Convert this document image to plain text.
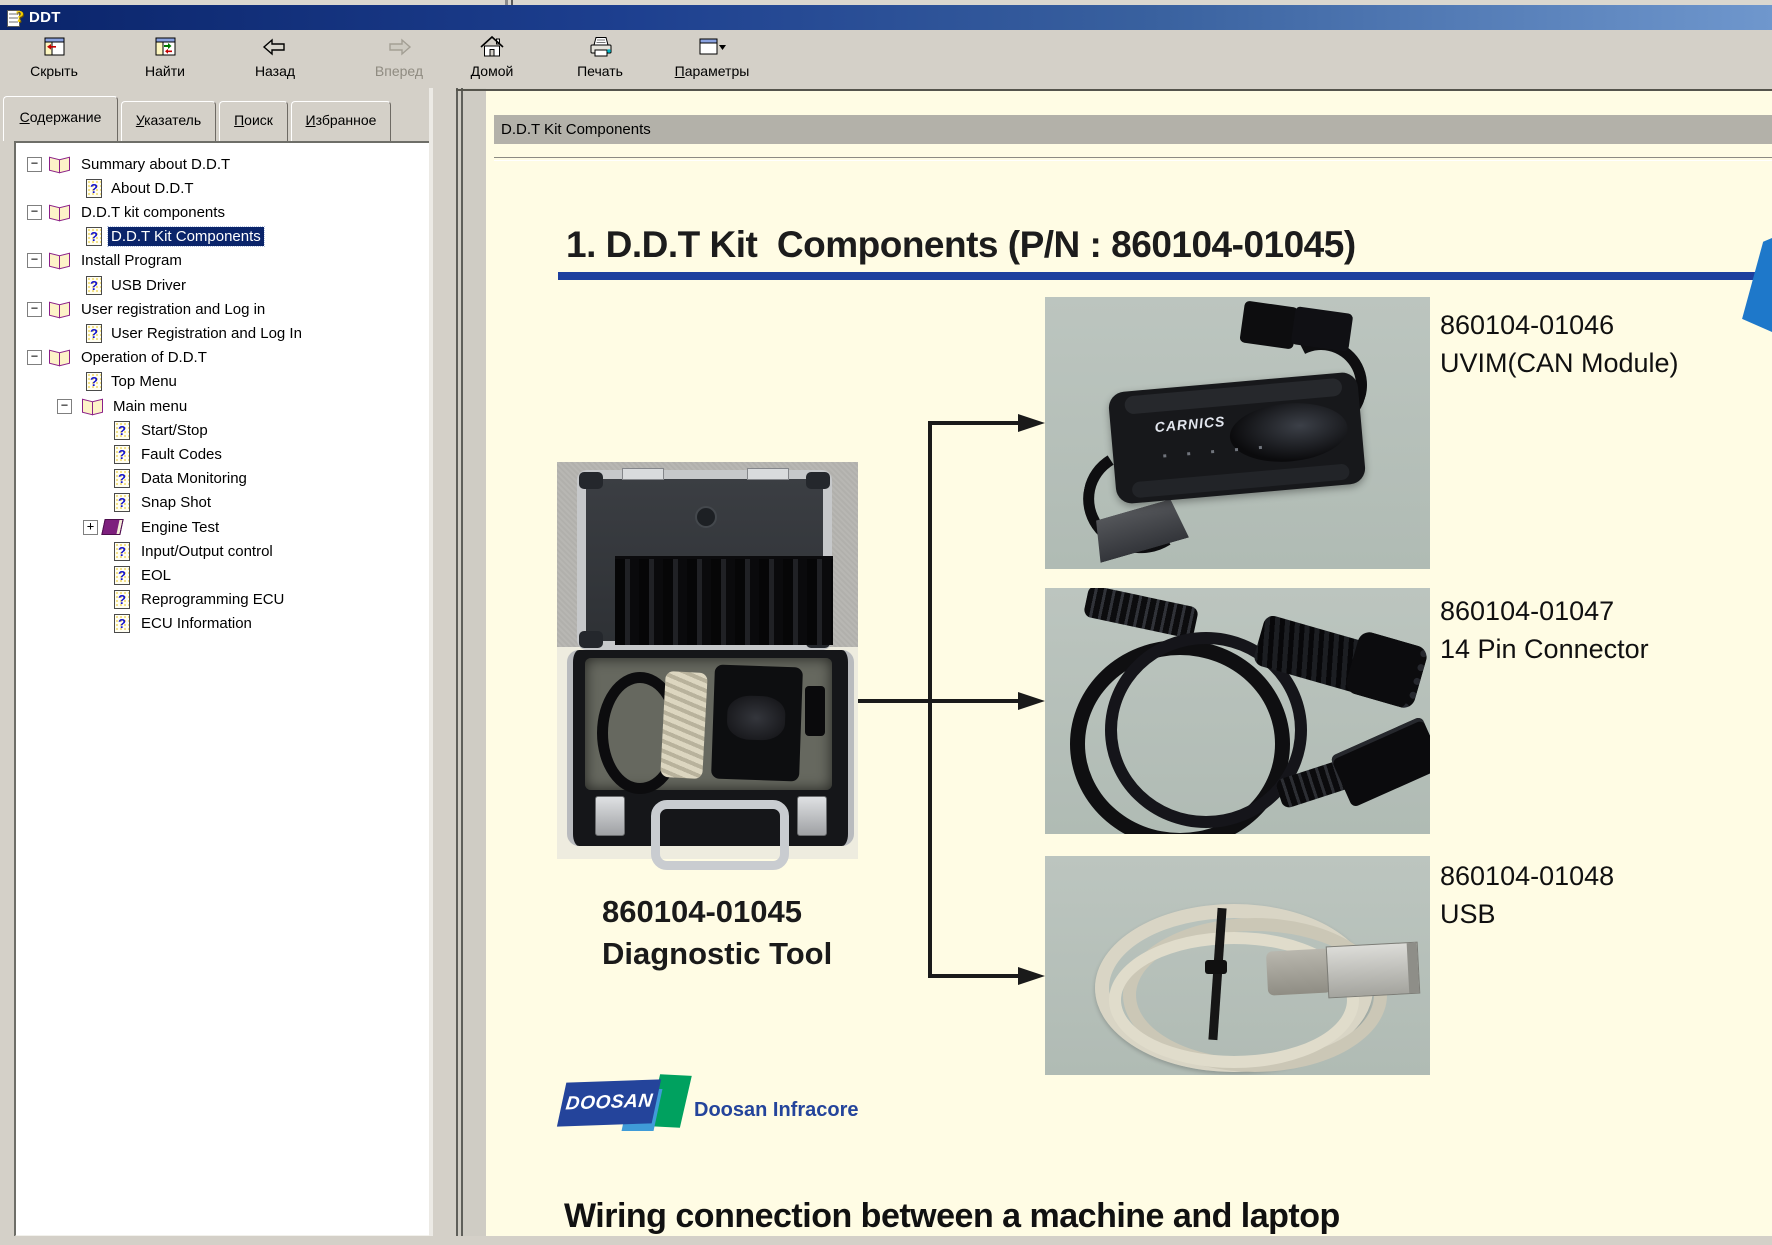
? DDT
Скрыть	Найти	Назад	Вперед	Домой	Печать	Параметры
Содержание	Указатель	Поиск	Избранное
−	Summary about D.D.T
?
About D.D.T
−	D.D.T kit components
?
D.D.T Kit Components
−	Install Program
?
USB Driver
−	User registration and Log in
?
User Registration and Log In
−	Operation of D.D.T
?
Top Menu
−	Main menu
?
Start/Stop
?
Fault Codes
?
Data Monitoring
?
Snap Shot
+	Engine Test
?
Input/Output control
?
EOL
?
Reprogramming ECU
?
ECU Information
D.D.T Kit Components
1. D.D.T Kit  Components (P/N : 860104-01045)
CARNICS
860104-01046
UVIM(CAN Module)
860104-01047
14 Pin Connector
860104-01048
USB
860104-01045
Diagnostic Tool
DOOSAN Doosan Infracore
Wiring connection between a machine and laptop
